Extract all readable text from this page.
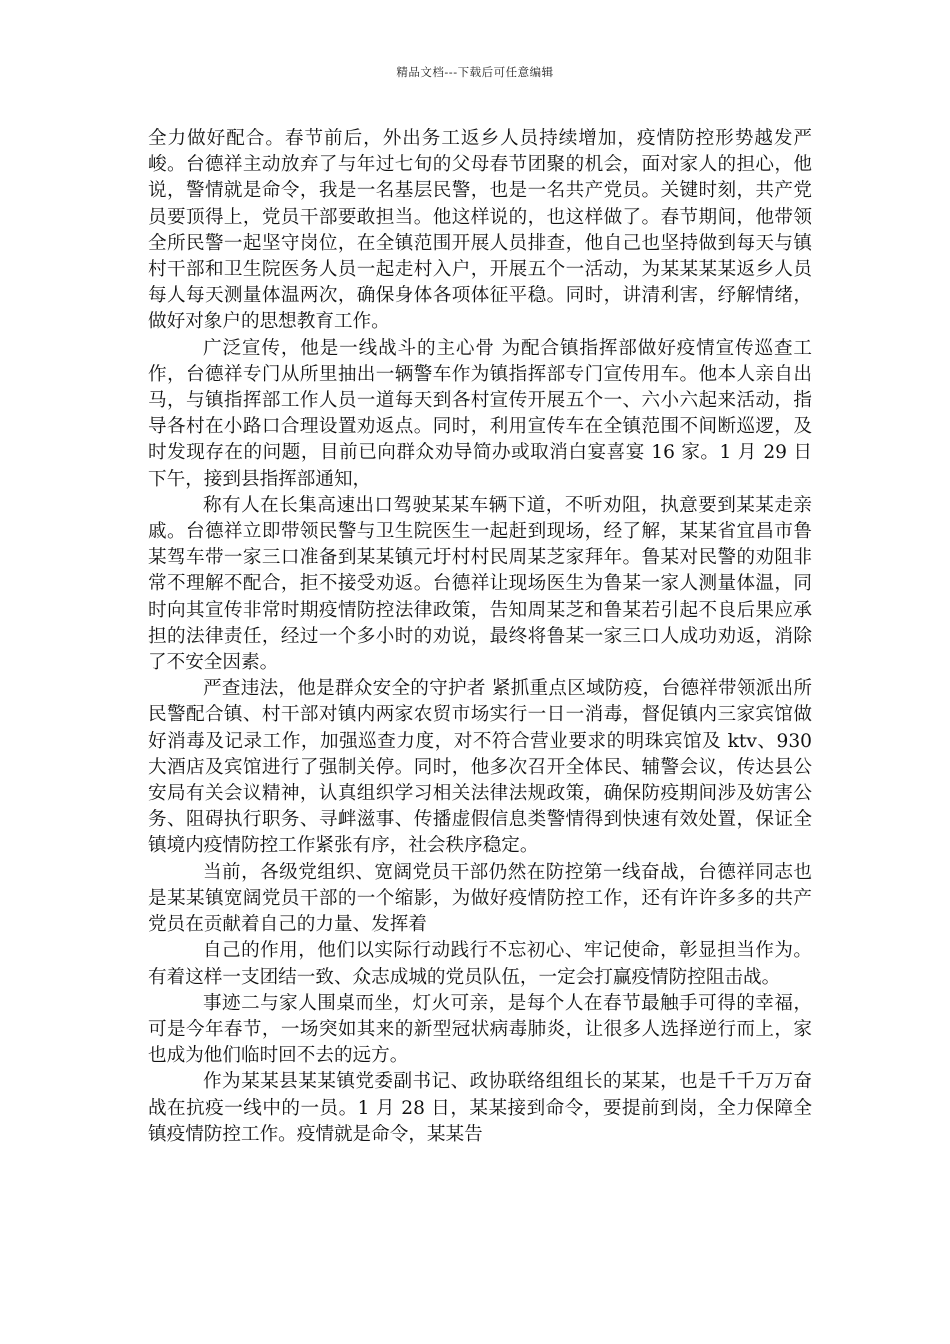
精品文档---下载后可任意编辑

全力做好配合。春节前后，外出务工返乡人员持续增加，疫情防控形势越发严峻。台德祥主动放弃了与年过七旬的父母春节团聚的机会，面对家人的担心，他说，警情就是命令，我是一名基层民警，也是一名共产党员。关键时刻，共产党员要顶得上，党员干部要敢担当。他这样说的，也这样做了。春节期间，他带领全所民警一起坚守岗位，在全镇范围开展人员排查，他自己也坚持做到每天与镇村干部和卫生院医务人员一起走村入户，开展五个一活动，为某某某某返乡人员每人每天测量体温两次，确保身体各项体征平稳。同时，讲清利害，纾解情绪，做好对象户的思想教育工作。

广泛宣传，他是一线战斗的主心骨 为配合镇指挥部做好疫情宣传巡查工作，台德祥专门从所里抽出一辆警车作为镇指挥部专门宣传用车。他本人亲自出马，与镇指挥部工作人员一道每天到各村宣传开展五个一、六小六起来活动，指导各村在小路口合理设置劝返点。同时，利用宣传车在全镇范围不间断巡逻，及时发现存在的问题，目前已向群众劝导简办或取消白宴喜宴 16 家。1 月 29 日下午，接到县指挥部通知，

称有人在长集高速出口驾驶某某车辆下道，不听劝阻，执意要到某某走亲戚。台德祥立即带领民警与卫生院医生一起赶到现场，经了解，某某省宜昌市鲁某驾车带一家三口准备到某某镇元圩村村民周某芝家拜年。鲁某对民警的劝阻非常不理解不配合，拒不接受劝返。台德祥让现场医生为鲁某一家人测量体温，同时向其宣传非常时期疫情防控法律政策，告知周某芝和鲁某若引起不良后果应承担的法律责任，经过一个多小时的劝说，最终将鲁某一家三口人成功劝返，消除了不安全因素。

严查违法，他是群众安全的守护者 紧抓重点区域防疫，台德祥带领派出所民警配合镇、村干部对镇内两家农贸市场实行一日一消毒，督促镇内三家宾馆做好消毒及记录工作，加强巡查力度，对不符合营业要求的明珠宾馆及 ktv、930 大酒店及宾馆进行了强制关停。同时，他多次召开全体民、辅警会议，传达县公安局有关会议精神，认真组织学习相关法律法规政策，确保防疫期间涉及妨害公务、阻碍执行职务、寻衅滋事、传播虚假信息类警情得到快速有效处置，保证全镇境内疫情防控工作紧张有序，社会秩序稳定。

当前，各级党组织、宽阔党员干部仍然在防控第一线奋战，台德祥同志也是某某镇宽阔党员干部的一个缩影，为做好疫情防控工作，还有许许多多的共产党员在贡献着自己的力量、发挥着

自己的作用，他们以实际行动践行不忘初心、牢记使命，彰显担当作为。有着这样一支团结一致、众志成城的党员队伍，一定会打赢疫情防控阻击战。

事迹二与家人围桌而坐，灯火可亲，是每个人在春节最触手可得的幸福，可是今年春节，一场突如其来的新型冠状病毒肺炎，让很多人选择逆行而上，家也成为他们临时回不去的远方。

作为某某县某某镇党委副书记、政协联络组组长的某某，也是千千万万奋战在抗疫一线中的一员。1 月 28 日，某某接到命令，要提前到岗，全力保障全镇疫情防控工作。疫情就是命令，某某告
